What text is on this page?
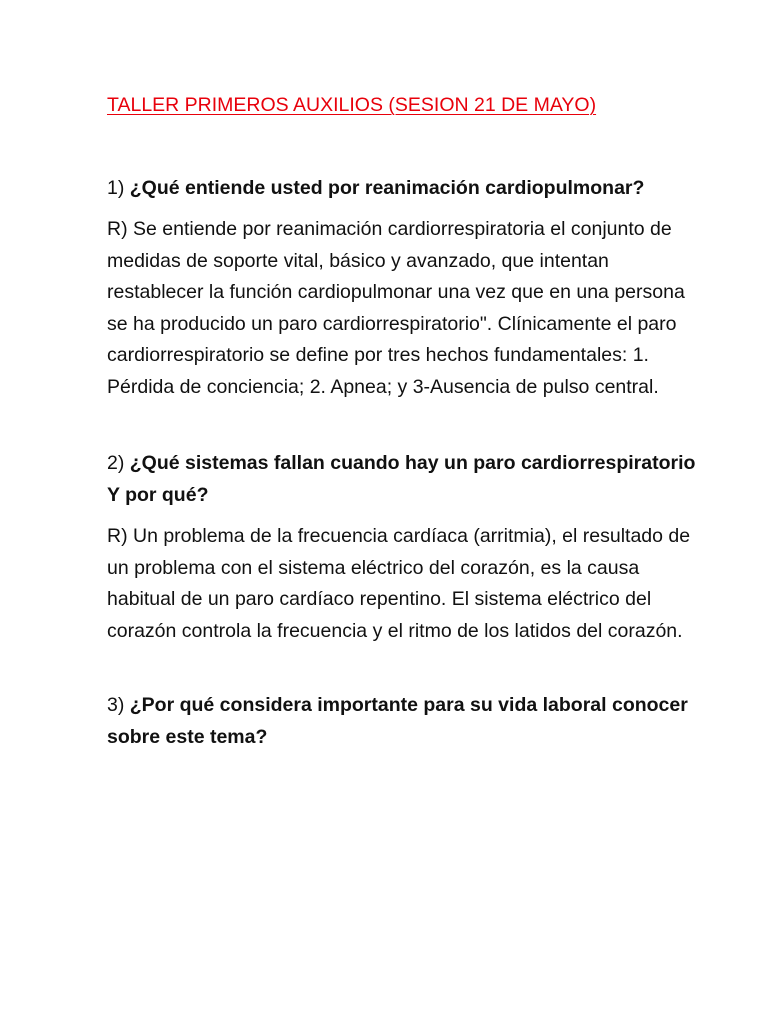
TALLER PRIMEROS AUXILIOS (SESION 21 DE MAYO)

1) ¿Qué entiende usted por reanimación cardiopulmonar?

R) Se entiende por reanimación cardiorrespiratoria el conjunto de medidas de soporte vital, básico y avanzado, que intentan restablecer la función cardiopulmonar una vez que en una persona se ha producido un paro cardiorrespiratorio". Clínicamente el paro cardiorrespiratorio se define por tres hechos fundamentales: 1. Pérdida de conciencia; 2. Apnea; y 3-Ausencia de pulso central.

2) ¿Qué sistemas fallan cuando hay un paro cardiorrespiratorio Y por qué?

R) Un problema de la frecuencia cardíaca (arritmia), el resultado de un problema con el sistema eléctrico del corazón, es la causa habitual de un paro cardíaco repentino. El sistema eléctrico del corazón controla la frecuencia y el ritmo de los latidos del corazón.

3) ¿Por qué considera importante para su vida laboral conocer sobre este tema?
